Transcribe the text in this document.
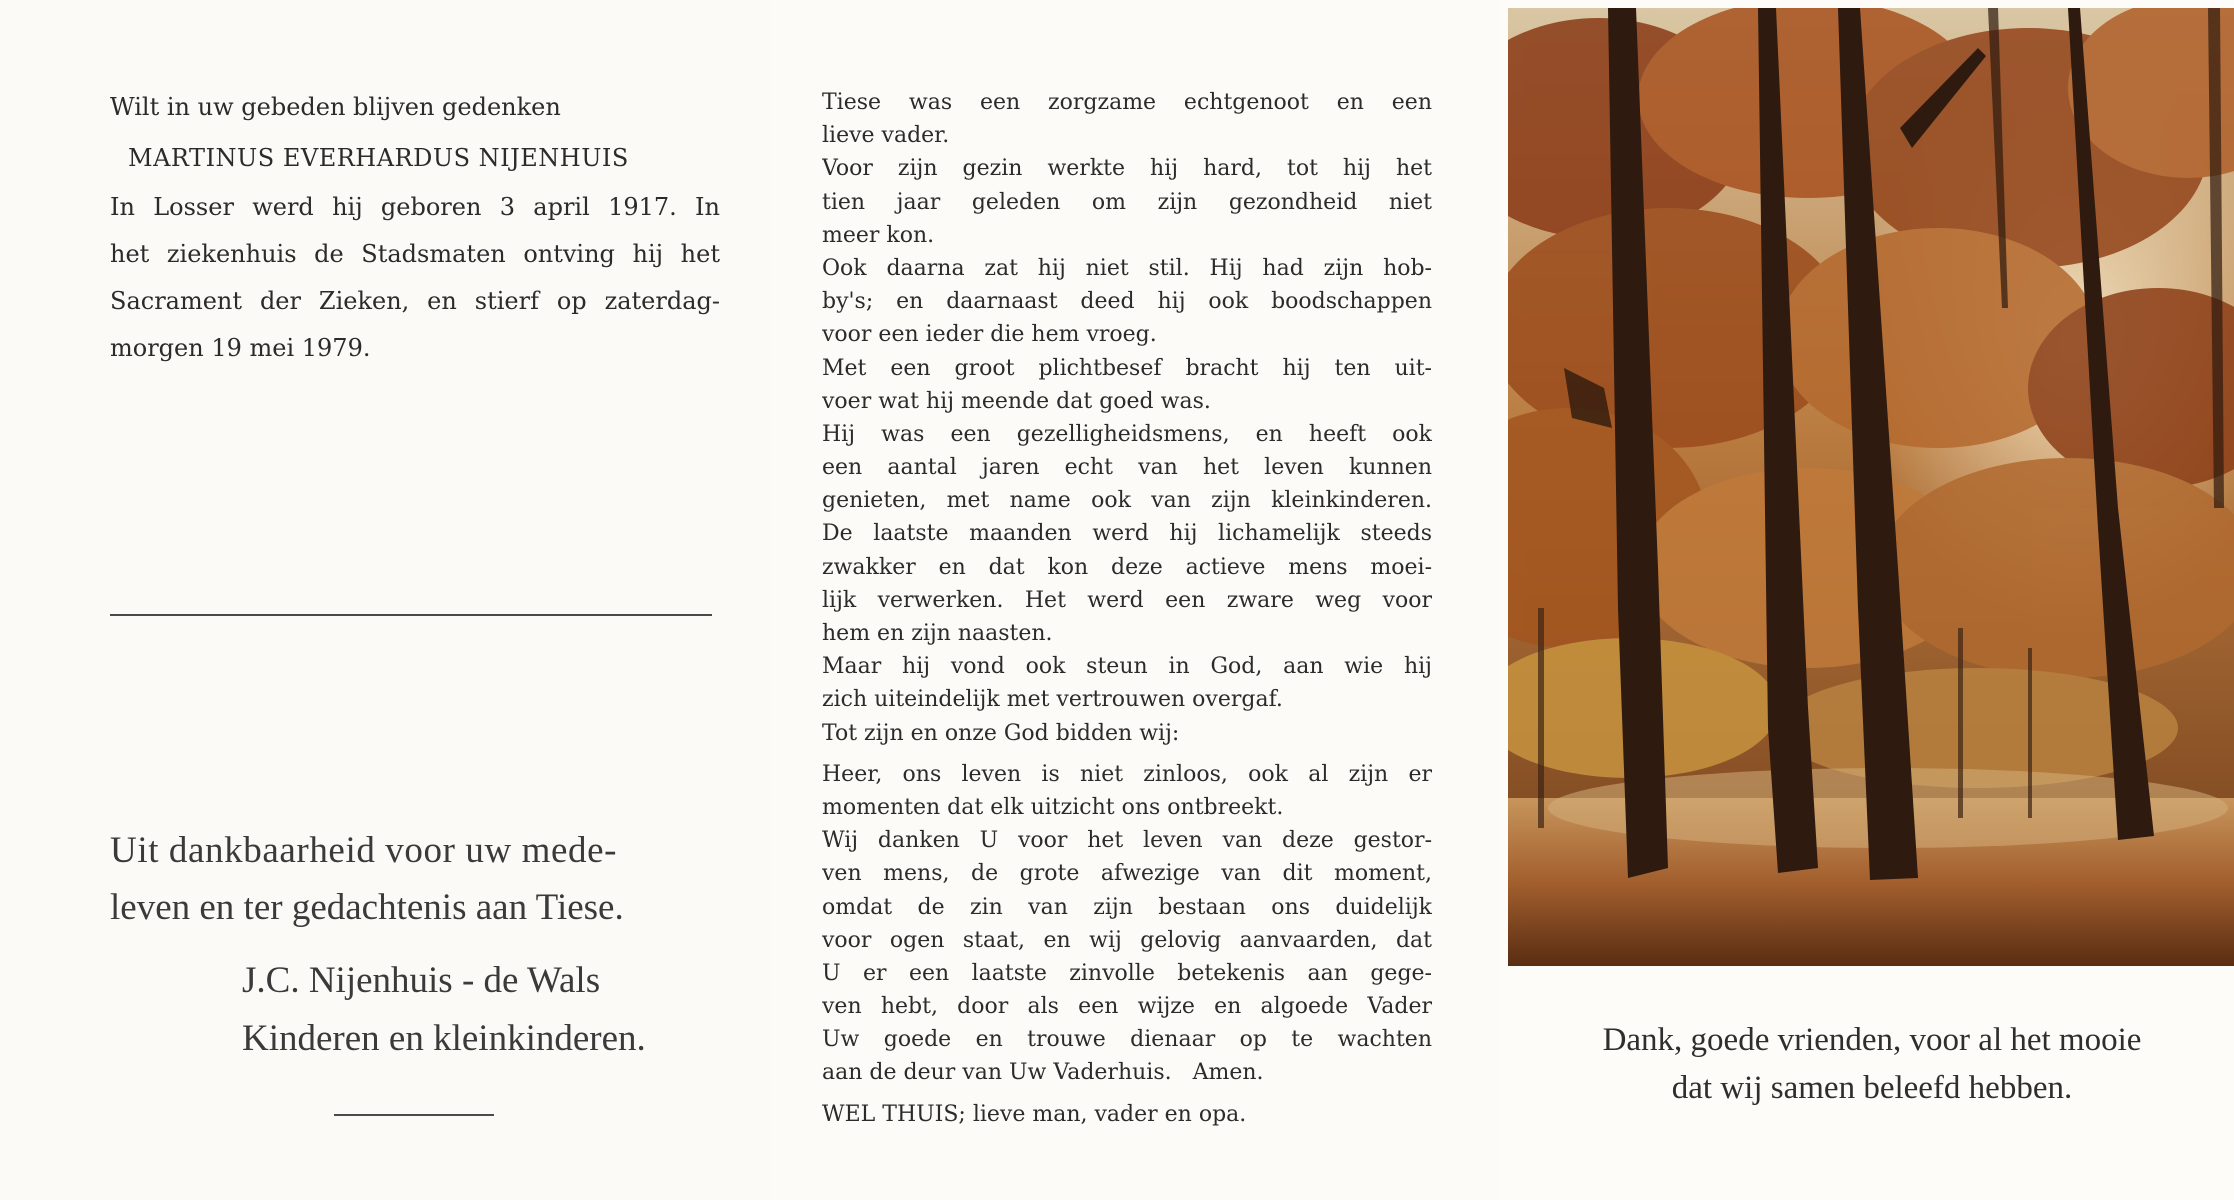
Wilt in uw gebeden blijven gedenken
MARTINUS EVERHARDUS NIJENHUIS
In Losser werd hij geboren 3 april 1917. In
het ziekenhuis de Stadsmaten ontving hij het
Sacrament der Zieken, en stierf op zaterdag-
morgen 19 mei 1979.
Uit dankbaarheid voor uw mede-
leven en ter gedachtenis aan Tiese.
J.C. Nijenhuis - de Wals
Kinderen en kleinkinderen.
Tiese was een zorgzame echtgenoot en een
lieve vader.
Voor zijn gezin werkte hij hard, tot hij het
tien jaar geleden om zijn gezondheid niet
meer kon.
Ook daarna zat hij niet stil. Hij had zijn hob-
by's; en daarnaast deed hij ook boodschappen
voor een ieder die hem vroeg.
Met een groot plichtbesef bracht hij ten uit-
voer wat hij meende dat goed was.
Hij was een gezelligheidsmens, en heeft ook
een aantal jaren echt van het leven kunnen
genieten, met name ook van zijn kleinkinderen.
De laatste maanden werd hij lichamelijk steeds
zwakker en dat kon deze actieve mens moei-
lijk verwerken. Het werd een zware weg voor
hem en zijn naasten.
Maar hij vond ook steun in God, aan wie hij
zich uiteindelijk met vertrouwen overgaf.
Tot zijn en onze God bidden wij:
Heer, ons leven is niet zinloos, ook al zijn er
momenten dat elk uitzicht ons ontbreekt.
Wij danken U voor het leven van deze gestor-
ven mens, de grote afwezige van dit moment,
omdat de zin van zijn bestaan ons duidelijk
voor ogen staat, en wij gelovig aanvaarden, dat
U er een laatste zinvolle betekenis aan gege-
ven hebt, door als een wijze en algoede Vader
Uw goede en trouwe dienaar op te wachten
aan de deur van Uw Vaderhuis.   Amen.
WEL THUIS; lieve man, vader en opa.
Dank, goede vrienden, voor al het mooie
dat wij samen beleefd hebben.
